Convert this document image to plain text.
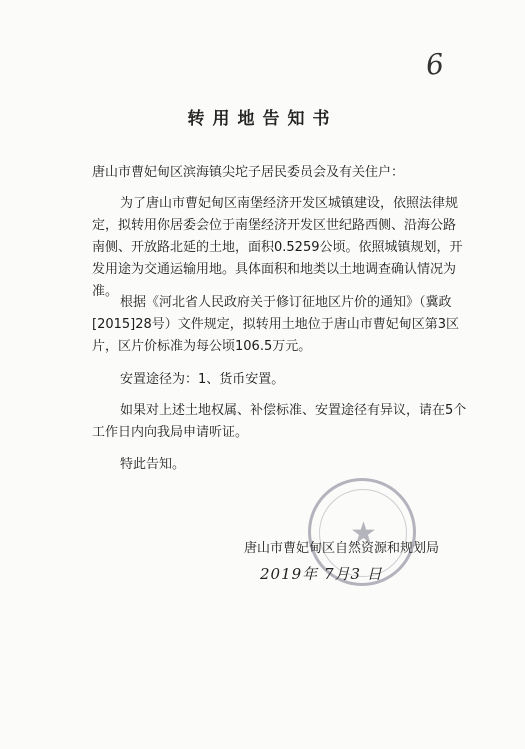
6
转用地告知书

唐山市曹妃甸区滨海镇尖坨子居民委员会及有关住户：

为了唐山市曹妃甸区南堡经济开发区城镇建设，依照法律规定，拟转用你居委会位于南堡经济开发区世纪路西侧、沿海公路南侧、开放路北延的土地，面积0.5259公顷。依照城镇规划，开发用途为交通运输用地。具体面积和地类以土地调查确认情况为准。

根据《河北省人民政府关于修订征地区片价的通知》（冀政[2015]28号）文件规定，拟转用土地位于唐山市曹妃甸区第3区片，区片价标准为每公顷106.5万元。

安置途径为：1、货币安置。

如果对上述土地权属、补偿标准、安置途径有异议，请在5个工作日内向我局申请听证。

特此告知。

★
唐山市曹妃甸区自然资源和规划局
2019年 7月3 日
